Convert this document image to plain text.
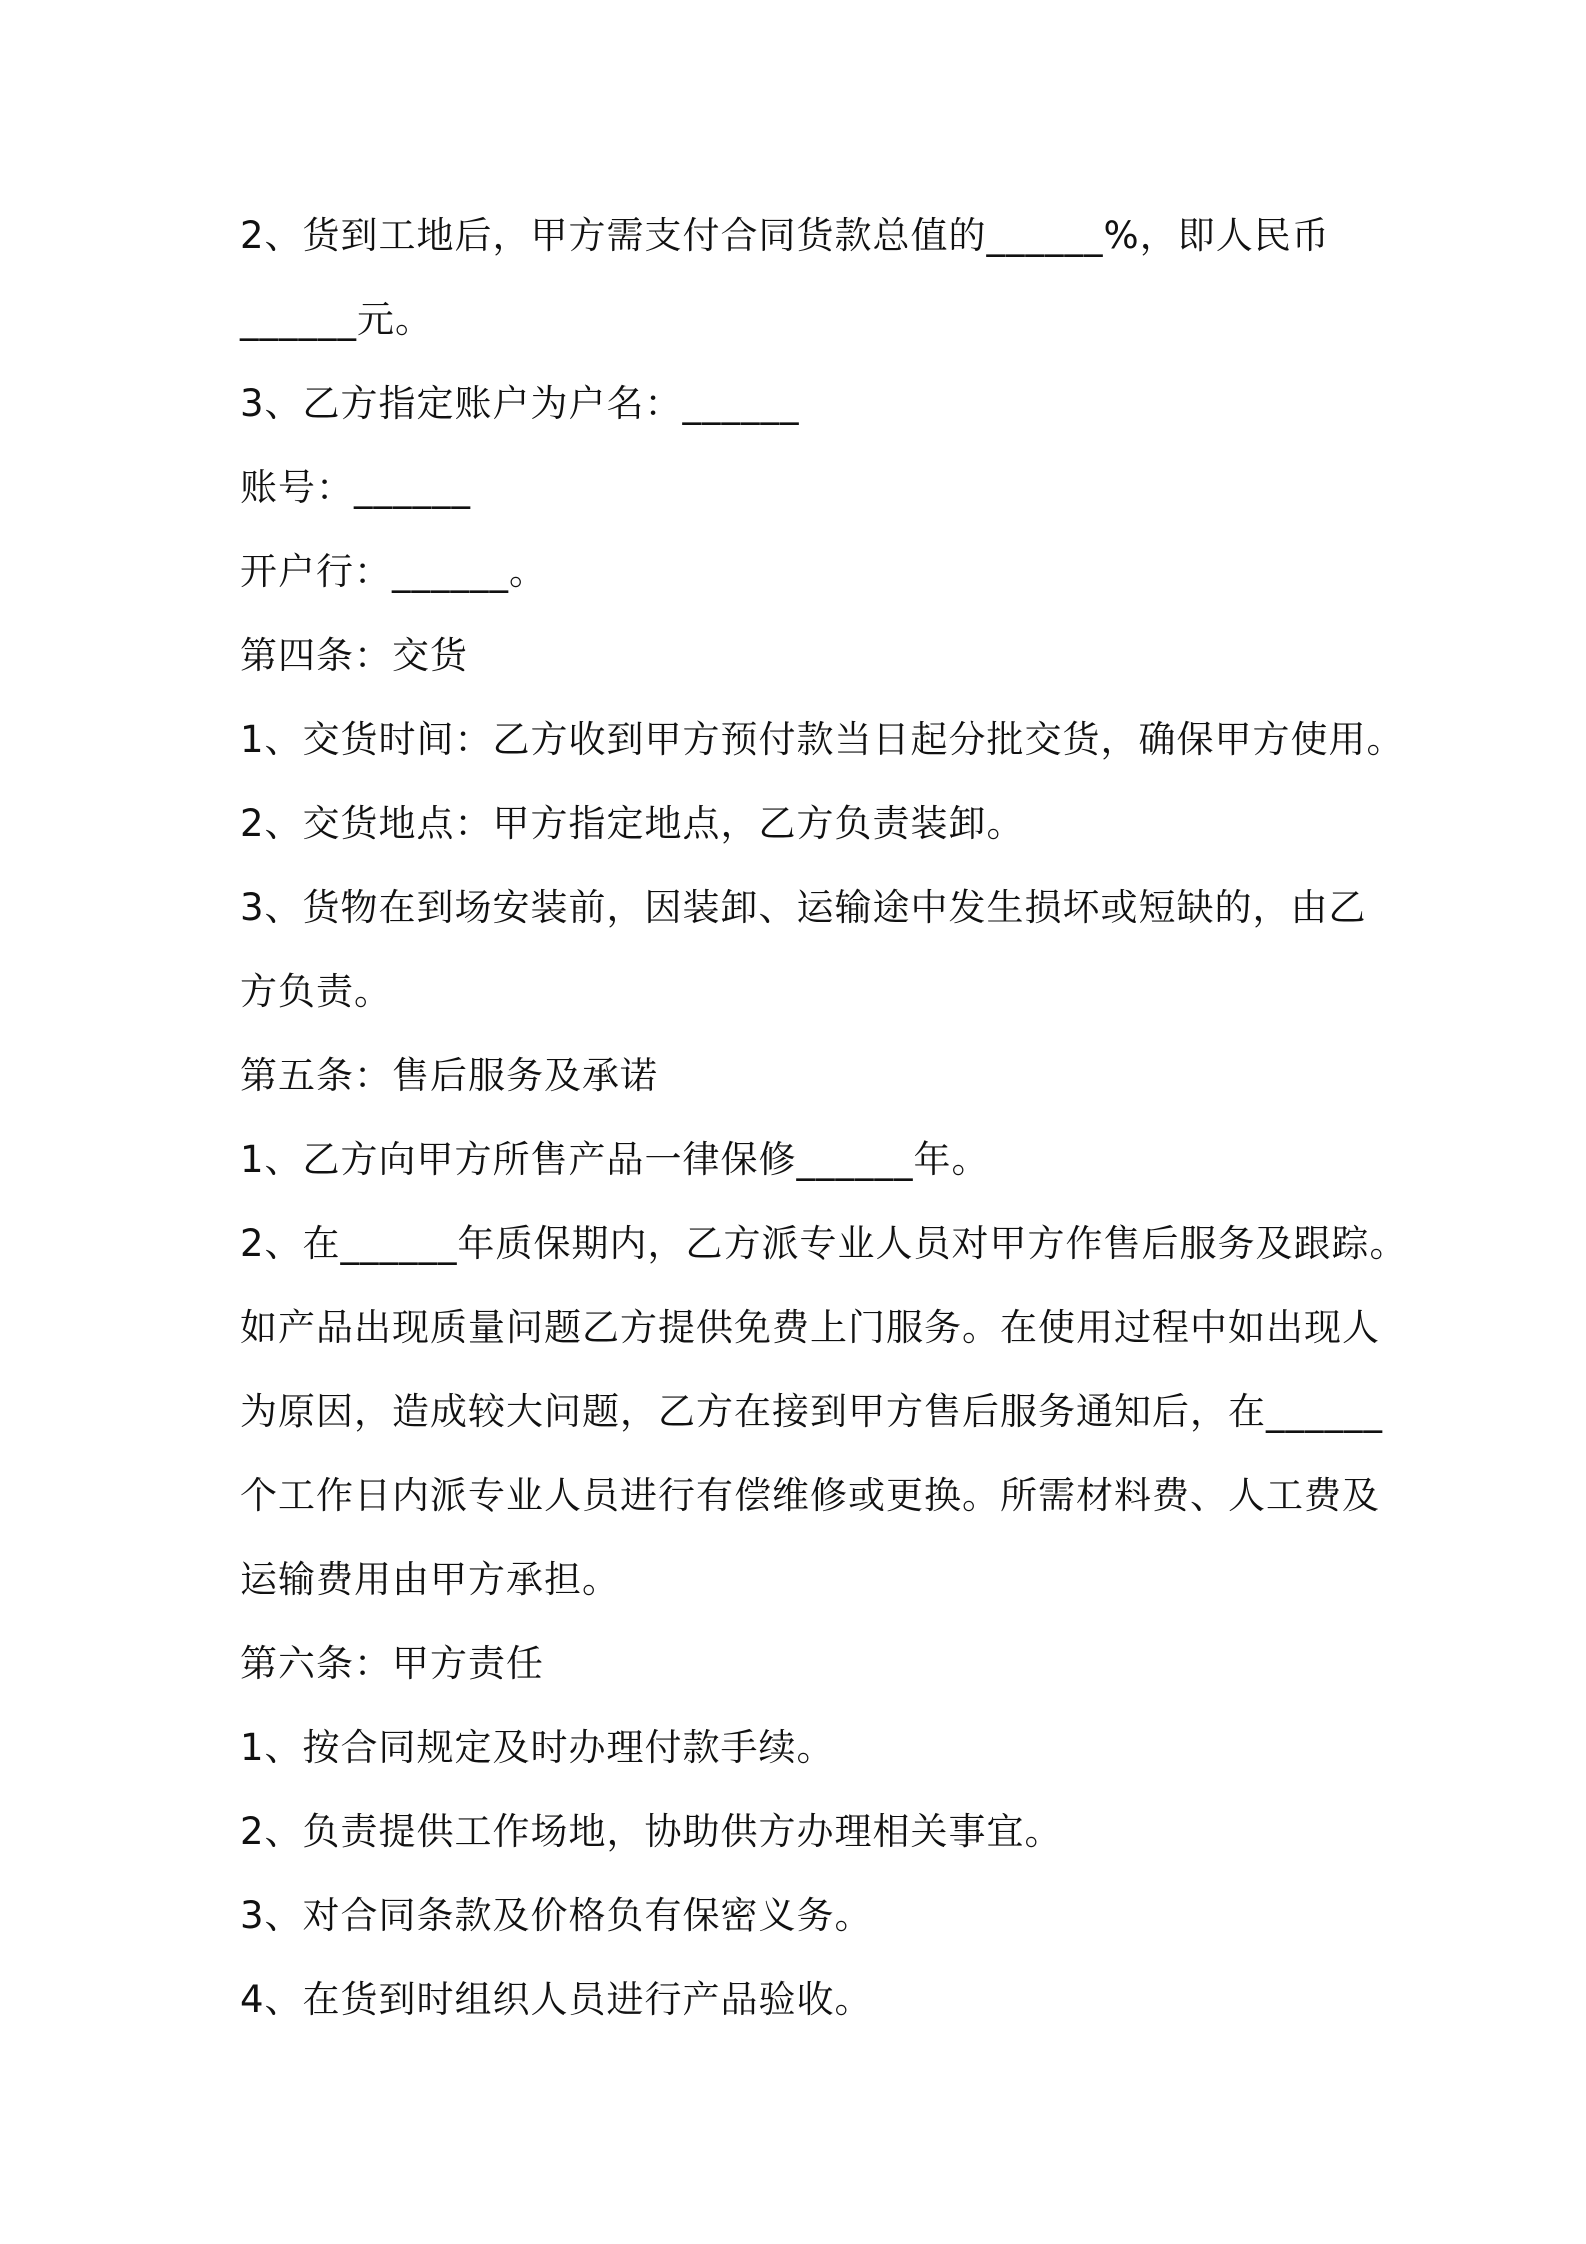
2、货到工地后，甲方需支付合同货款总值的______%，即人民币
______元。
3、乙方指定账户为户名：______
账号：______
开户行：______。
第四条：交货
1、交货时间：乙方收到甲方预付款当日起分批交货，确保甲方使用。
2、交货地点：甲方指定地点，乙方负责装卸。
3、货物在到场安装前，因装卸、运输途中发生损坏或短缺的，由乙
方负责。
第五条：售后服务及承诺
1、乙方向甲方所售产品一律保修______年。
2、在______年质保期内，乙方派专业人员对甲方作售后服务及跟踪。
如产品出现质量问题乙方提供免费上门服务。在使用过程中如出现人
为原因，造成较大问题，乙方在接到甲方售后服务通知后，在______
个工作日内派专业人员进行有偿维修或更换。所需材料费、人工费及
运输费用由甲方承担。
第六条：甲方责任
1、按合同规定及时办理付款手续。
2、负责提供工作场地，协助供方办理相关事宜。
3、对合同条款及价格负有保密义务。
4、在货到时组织人员进行产品验收。
